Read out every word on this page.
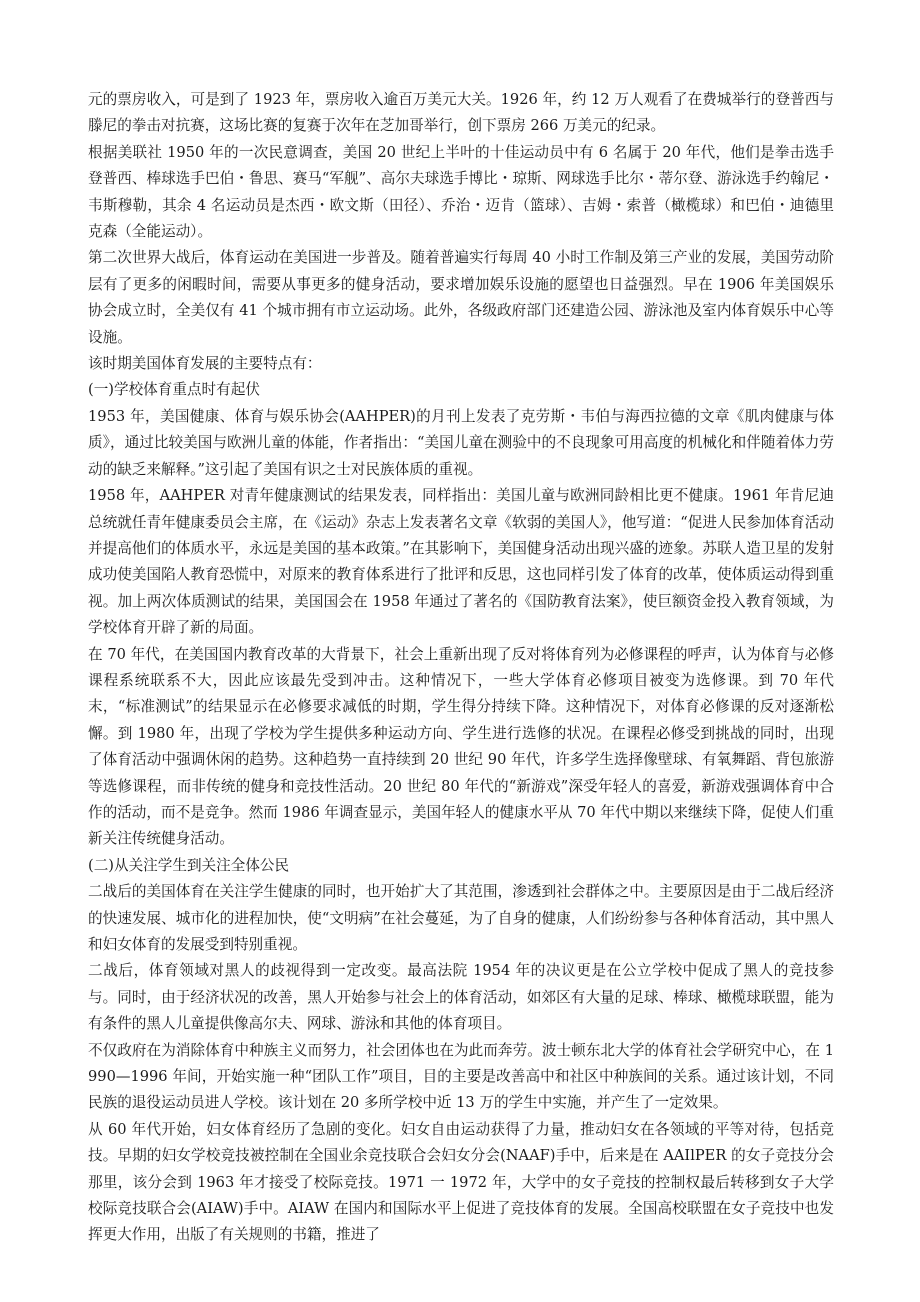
元的票房收入，可是到了 1923 年，票房收入逾百万美元大关。1926 年，约 12 万人观看了在费城举行的登普西与滕尼的拳击对抗赛，这场比赛的复赛于次年在芝加哥举行，创下票房 266 万美元的纪录。

根据美联社 1950 年的一次民意调查，美国 20 世纪上半叶的十佳运动员中有 6 名属于 20 年代，他们是拳击选手登普西、棒球选手巴伯・鲁思、赛马“军舰”、高尔夫球选手博比・琼斯、网球选手比尔・蒂尔登、游泳选手约翰尼・韦斯穆勒，其余 4 名运动员是杰西・欧文斯（田径）、乔治・迈肯（篮球）、吉姆・索普（橄榄球）和巴伯・迪德里克森（全能运动）。

第二次世界大战后，体育运动在美国进一步普及。随着普遍实行每周 40 小时工作制及第三产业的发展，美国劳动阶层有了更多的闲暇时间，需要从事更多的健身活动，要求增加娱乐设施的愿望也日益强烈。早在 1906 年美国娱乐协会成立时，全美仅有 41 个城市拥有市立运动场。此外，各级政府部门还建造公园、游泳池及室内体育娱乐中心等设施。

该时期美国体育发展的主要特点有：

(一)学校体育重点时有起伏

1953 年，美国健康、体育与娱乐协会(AAHPER)的月刊上发表了克劳斯・韦伯与海西拉德的文章《肌肉健康与体质》，通过比较美国与欧洲儿童的体能，作者指出：“美国儿童在测验中的不良现象可用高度的机械化和伴随着体力劳动的缺乏来解释。”这引起了美国有识之士对民族体质的重视。

1958 年，AAHPER 对青年健康测试的结果发表，同样指出：美国儿童与欧洲同龄相比更不健康。1961 年肯尼迪总统就任青年健康委员会主席，在《运动》杂志上发表著名文章《软弱的美国人》，他写道：“促进人民参加体育活动并提高他们的体质水平，永远是美国的基本政策。”在其影响下，美国健身活动出现兴盛的迹象。苏联人造卫星的发射成功使美国陷人教育恐慌中，对原来的教育体系进行了批评和反思，这也同样引发了体育的改革，使体质运动得到重视。加上两次体质测试的结果，美国国会在 1958 年通过了著名的《国防教育法案》，使巨额资金投入教育领域，为学校体育开辟了新的局面。

在 70 年代，在美国国内教育改革的大背景下，社会上重新出现了反对将体育列为必修课程的呼声，认为体育与必修课程系统联系不大，因此应该最先受到冲击。这种情况下，一些大学体育必修项目被变为选修课。到 70 年代末，“标准测试”的结果显示在必修要求减低的时期，学生得分持续下降。这种情况下，对体育必修课的反对逐渐松懈。到 1980 年，出现了学校为学生提供多种运动方向、学生进行选修的状况。在课程必修受到挑战的同时，出现了体育活动中强调休闲的趋势。这种趋势一直持续到 20 世纪 90 年代，许多学生选择像壁球、有氧舞蹈、背包旅游等选修课程，而非传统的健身和竞技性活动。20 世纪 80 年代的“新游戏”深受年轻人的喜爱，新游戏强调体育中合作的活动，而不是竞争。然而 1986 年调查显示，美国年轻人的健康水平从 70 年代中期以来继续下降，促使人们重新关注传统健身活动。

(二)从关注学生到关注全体公民

二战后的美国体育在关注学生健康的同时，也开始扩大了其范围，渗透到社会群体之中。主要原因是由于二战后经济的快速发展、城市化的进程加快，使“文明病”在社会蔓延，为了自身的健康，人们纷纷参与各种体育活动，其中黑人和妇女体育的发展受到特别重视。

二战后，体育领域对黑人的歧视得到一定改变。最高法院 1954 年的决议更是在公立学校中促成了黑人的竞技参与。同时，由于经济状况的改善，黑人开始参与社会上的体育活动，如郊区有大量的足球、棒球、橄榄球联盟，能为有条件的黑人儿童提供像高尔夫、网球、游泳和其他的体育项目。

不仅政府在为消除体育中种族主义而努力，社会团体也在为此而奔劳。波士顿东北大学的体育社会学研究中心，在 1990—1996 年间，开始实施一种“团队工作”项目，目的主要是改善高中和社区中种族间的关系。通过该计划，不同民族的退役运动员进人学校。该计划在 20 多所学校中近 13 万的学生中实施，并产生了一定效果。

从 60 年代开始，妇女体育经历了急剧的变化。妇女自由运动获得了力量，推动妇女在各领域的平等对待，包括竞技。早期的妇女学校竞技被控制在全国业余竞技联合会妇女分会(NAAF)手中，后来是在 AAIlPER 的女子竞技分会那里，该分会到 1963 年才接受了校际竞技。1971 一 1972 年，大学中的女子竞技的控制权最后转移到女子大学校际竞技联合会(AIAW)手中。AIAW 在国内和国际水平上促进了竞技体育的发展。全国高校联盟在女子竞技中也发挥更大作用，出版了有关规则的书籍，推进了
